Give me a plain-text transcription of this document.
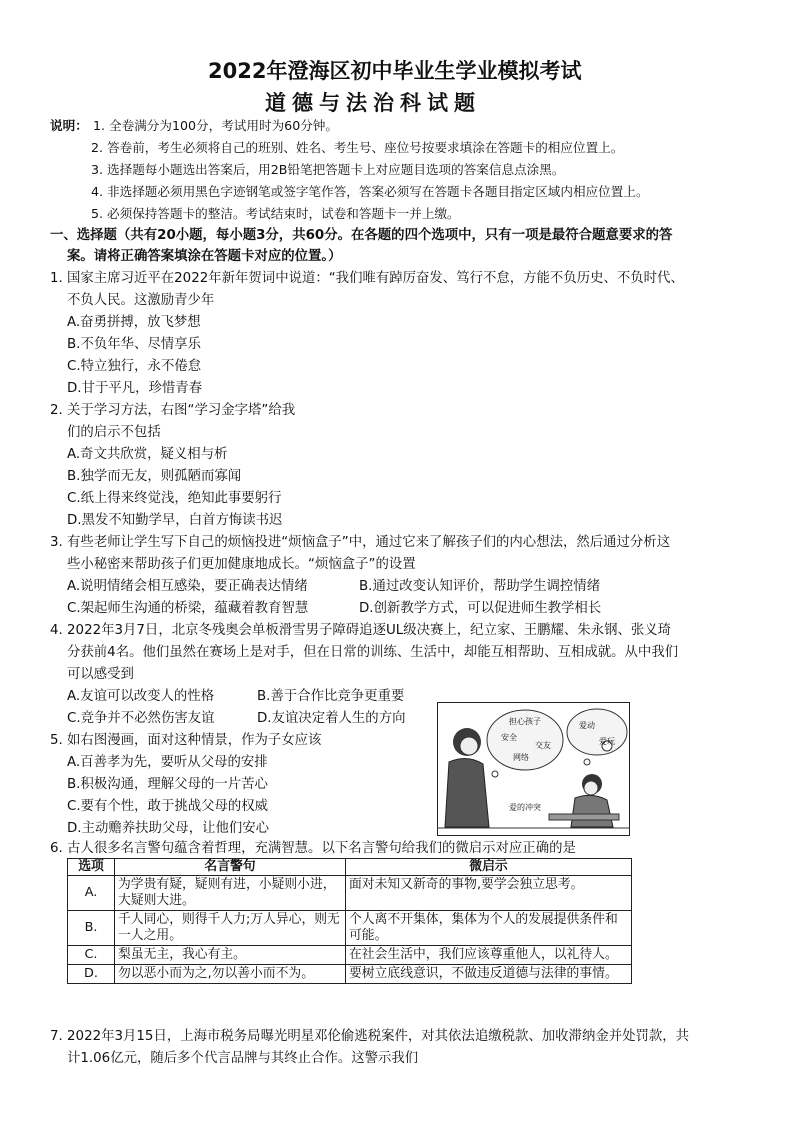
2022年澄海区初中毕业生学业模拟考试
道德与法治科试题
说明： 1. 全卷满分为100分，考试用时为60分钟。
2. 答卷前，考生必须将自己的班别、姓名、考生号、座位号按要求填涂在答题卡的相应位置上。
3. 选择题每小题选出答案后，用2B铅笔把答题卡上对应题目选项的答案信息点涂黑。
4. 非选择题必须用黑色字迹钢笔或签字笔作答，答案必须写在答题卡各题目指定区域内相应位置上。
5. 必须保持答题卡的整洁。考试结束时，试卷和答题卡一并上缴。
一、选择题（共有20小题，每小题3分，共60分。在各题的四个选项中，只有一项是最符合题意要求的答
案。请将正确答案填涂在答题卡对应的位置。）
1. 国家主席习近平在2022年新年贺词中说道：“我们唯有踔厉奋发、笃行不怠，方能不负历史、不负时代、
不负人民。这激励青少年
A.奋勇拼搏，放飞梦想
B.不负年华、尽情享乐
C.特立独行，永不倦怠
D.甘于平凡，珍惜青春
2. 关于学习方法，右图“学习金字塔”给我
们的启示不包括
A.奇文共欣赏，疑义相与析
B.独学而无友，则孤陋而寡闻
C.纸上得来终觉浅，绝知此事要躬行
D.黑发不知勤学早，白首方悔读书迟
3. 有些老师让学生写下自己的烦恼投进“烦恼盒子”中，通过它来了解孩子们的内心想法，然后通过分析这
些小秘密来帮助孩子们更加健康地成长。“烦恼盒子”的设置
A.说明情绪会相互感染，要正确表达情绪	B.通过改变认知评价，帮助学生调控情绪
C.架起师生沟通的桥梁，蕴藏着教育智慧	D.创新教学方式，可以促进师生教学相长
4. 2022年3月7日，北京冬残奥会单板滑雪男子障碍追逐UL级决赛上，纪立家、王鹏耀、朱永钢、张义琦
分获前4名。他们虽然在赛场上是对手，但在日常的训练、生活中，却能互相帮助、互相成就。从中我们
可以感受到
A.友谊可以改变人的性格	B.善于合作比竞争更重要
C.竞争并不必然伤害友谊	D.友谊决定着人生的方向
5. 如右图漫画，面对这种情景，作为子女应该
A.百善孝为先，要听从父母的安排
B.积极沟通，理解父母的一片苦心
C.要有个性，敢于挑战父母的权威
D.主动赡养扶助父母，让他们安心
担心孩子
安全
交友
网络
爱动
爱玩
爱的冲突
6. 古人很多名言警句蕴含着哲理，充满智慧。以下名言警句给我们的微启示对应正确的是
选项	名言警句	微启示
A.	为学贵有疑，疑则有进，小疑则小进，大疑则大进。	面对未知又新奇的事物,要学会独立思考。
B.	千人同心，则得千人力;万人异心，则无一人之用。	个人离不开集体，集体为个人的发展提供条件和可能。
C.	梨虽无主，我心有主。	在社会生活中，我们应该尊重他人，以礼待人。
D.	勿以恶小而为之,勿以善小而不为。	要树立底线意识，不做违反道德与法律的事情。
7. 2022年3月15日，上海市税务局曝光明星邓伦偷逃税案件，对其依法追缴税款、加收滞纳金并处罚款，共
计1.06亿元，随后多个代言品牌与其终止合作。这警示我们
